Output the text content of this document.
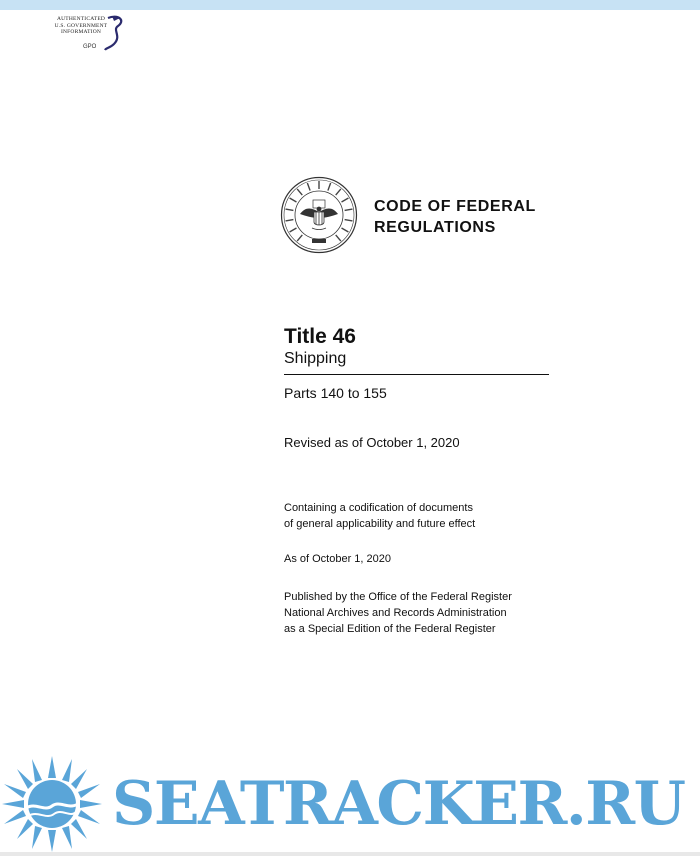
AUTHENTICATED
U.S. GOVERNMENT
INFORMATION
GPO
CODE OF FEDERAL
REGULATIONS
Title 46
Shipping
Parts 140 to 155
Revised as of October 1, 2020
Containing a codification of documents
of general applicability and future effect
As of October 1, 2020
Published by the Office of the Federal Register
National Archives and Records Administration
as a Special Edition of the Federal Register
SEATRACKER.RU
